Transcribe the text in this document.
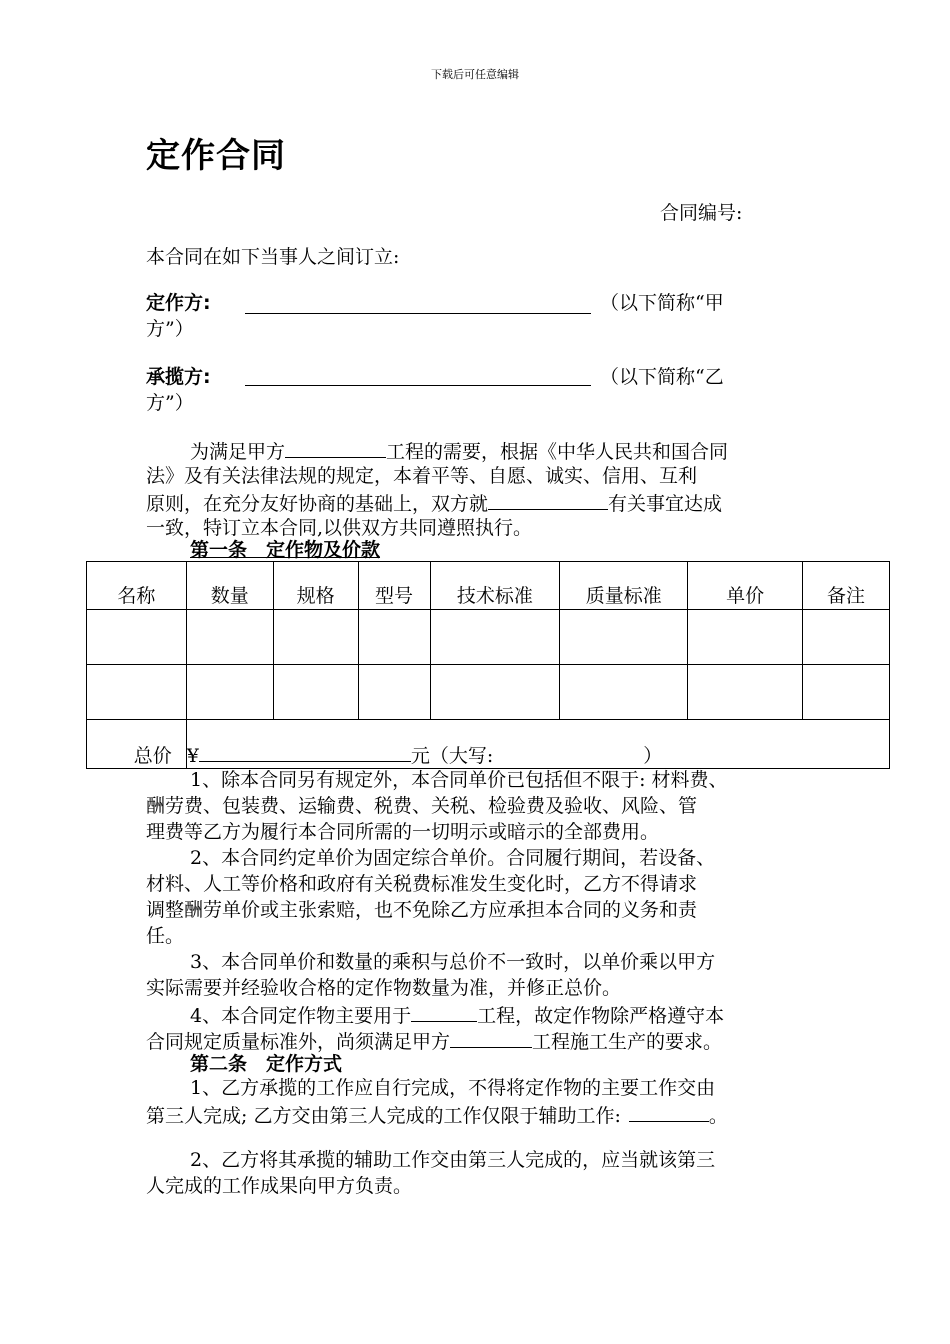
下载后可任意编辑
定作合同
合同编号:
本合同在如下当事人之间订立:
定作方:	（以下简称“甲
方”）
承揽方:	（以下简称“乙
方”）
为满足甲方	工程的需要，根据《中华人民共和国合同
法》及有关法律法规的规定，本着平等、自愿、诚实、信用、互利
原则，在充分友好协商的基础上，双方就	有关事宜达成
一致，特订立本合同,以供双方共同遵照执行。
第一条　定作物及价款
名称	数量	规格	型号	技术标准	质量标准	单价	备注

总价	¥ 元（大写: ）						
1、除本合同另有规定外，本合同单价已包括但不限于: 材料费、
酬劳费、包装费、运输费、税费、关税、检验费及验收、风险、管
理费等乙方为履行本合同所需的一切明示或暗示的全部费用。
2、本合同约定单价为固定综合单价。合同履行期间，若设备、
材料、人工等价格和政府有关税费标准发生变化时，乙方不得请求
调整酬劳单价或主张索赔，也不免除乙方应承担本合同的义务和责
任。
3、本合同单价和数量的乘积与总价不一致时，以单价乘以甲方
实际需要并经验收合格的定作物数量为准，并修正总价。
4、本合同定作物主要用于	工程，故定作物除严格遵守本
合同规定质量标准外，尚须满足甲方	工程施工生产的要求。
第二条　定作方式
1、乙方承揽的工作应自行完成，不得将定作物的主要工作交由
第三人完成; 乙方交由第三人完成的工作仅限于辅助工作:	。
2、乙方将其承揽的辅助工作交由第三人完成的，应当就该第三
人完成的工作成果向甲方负责。
